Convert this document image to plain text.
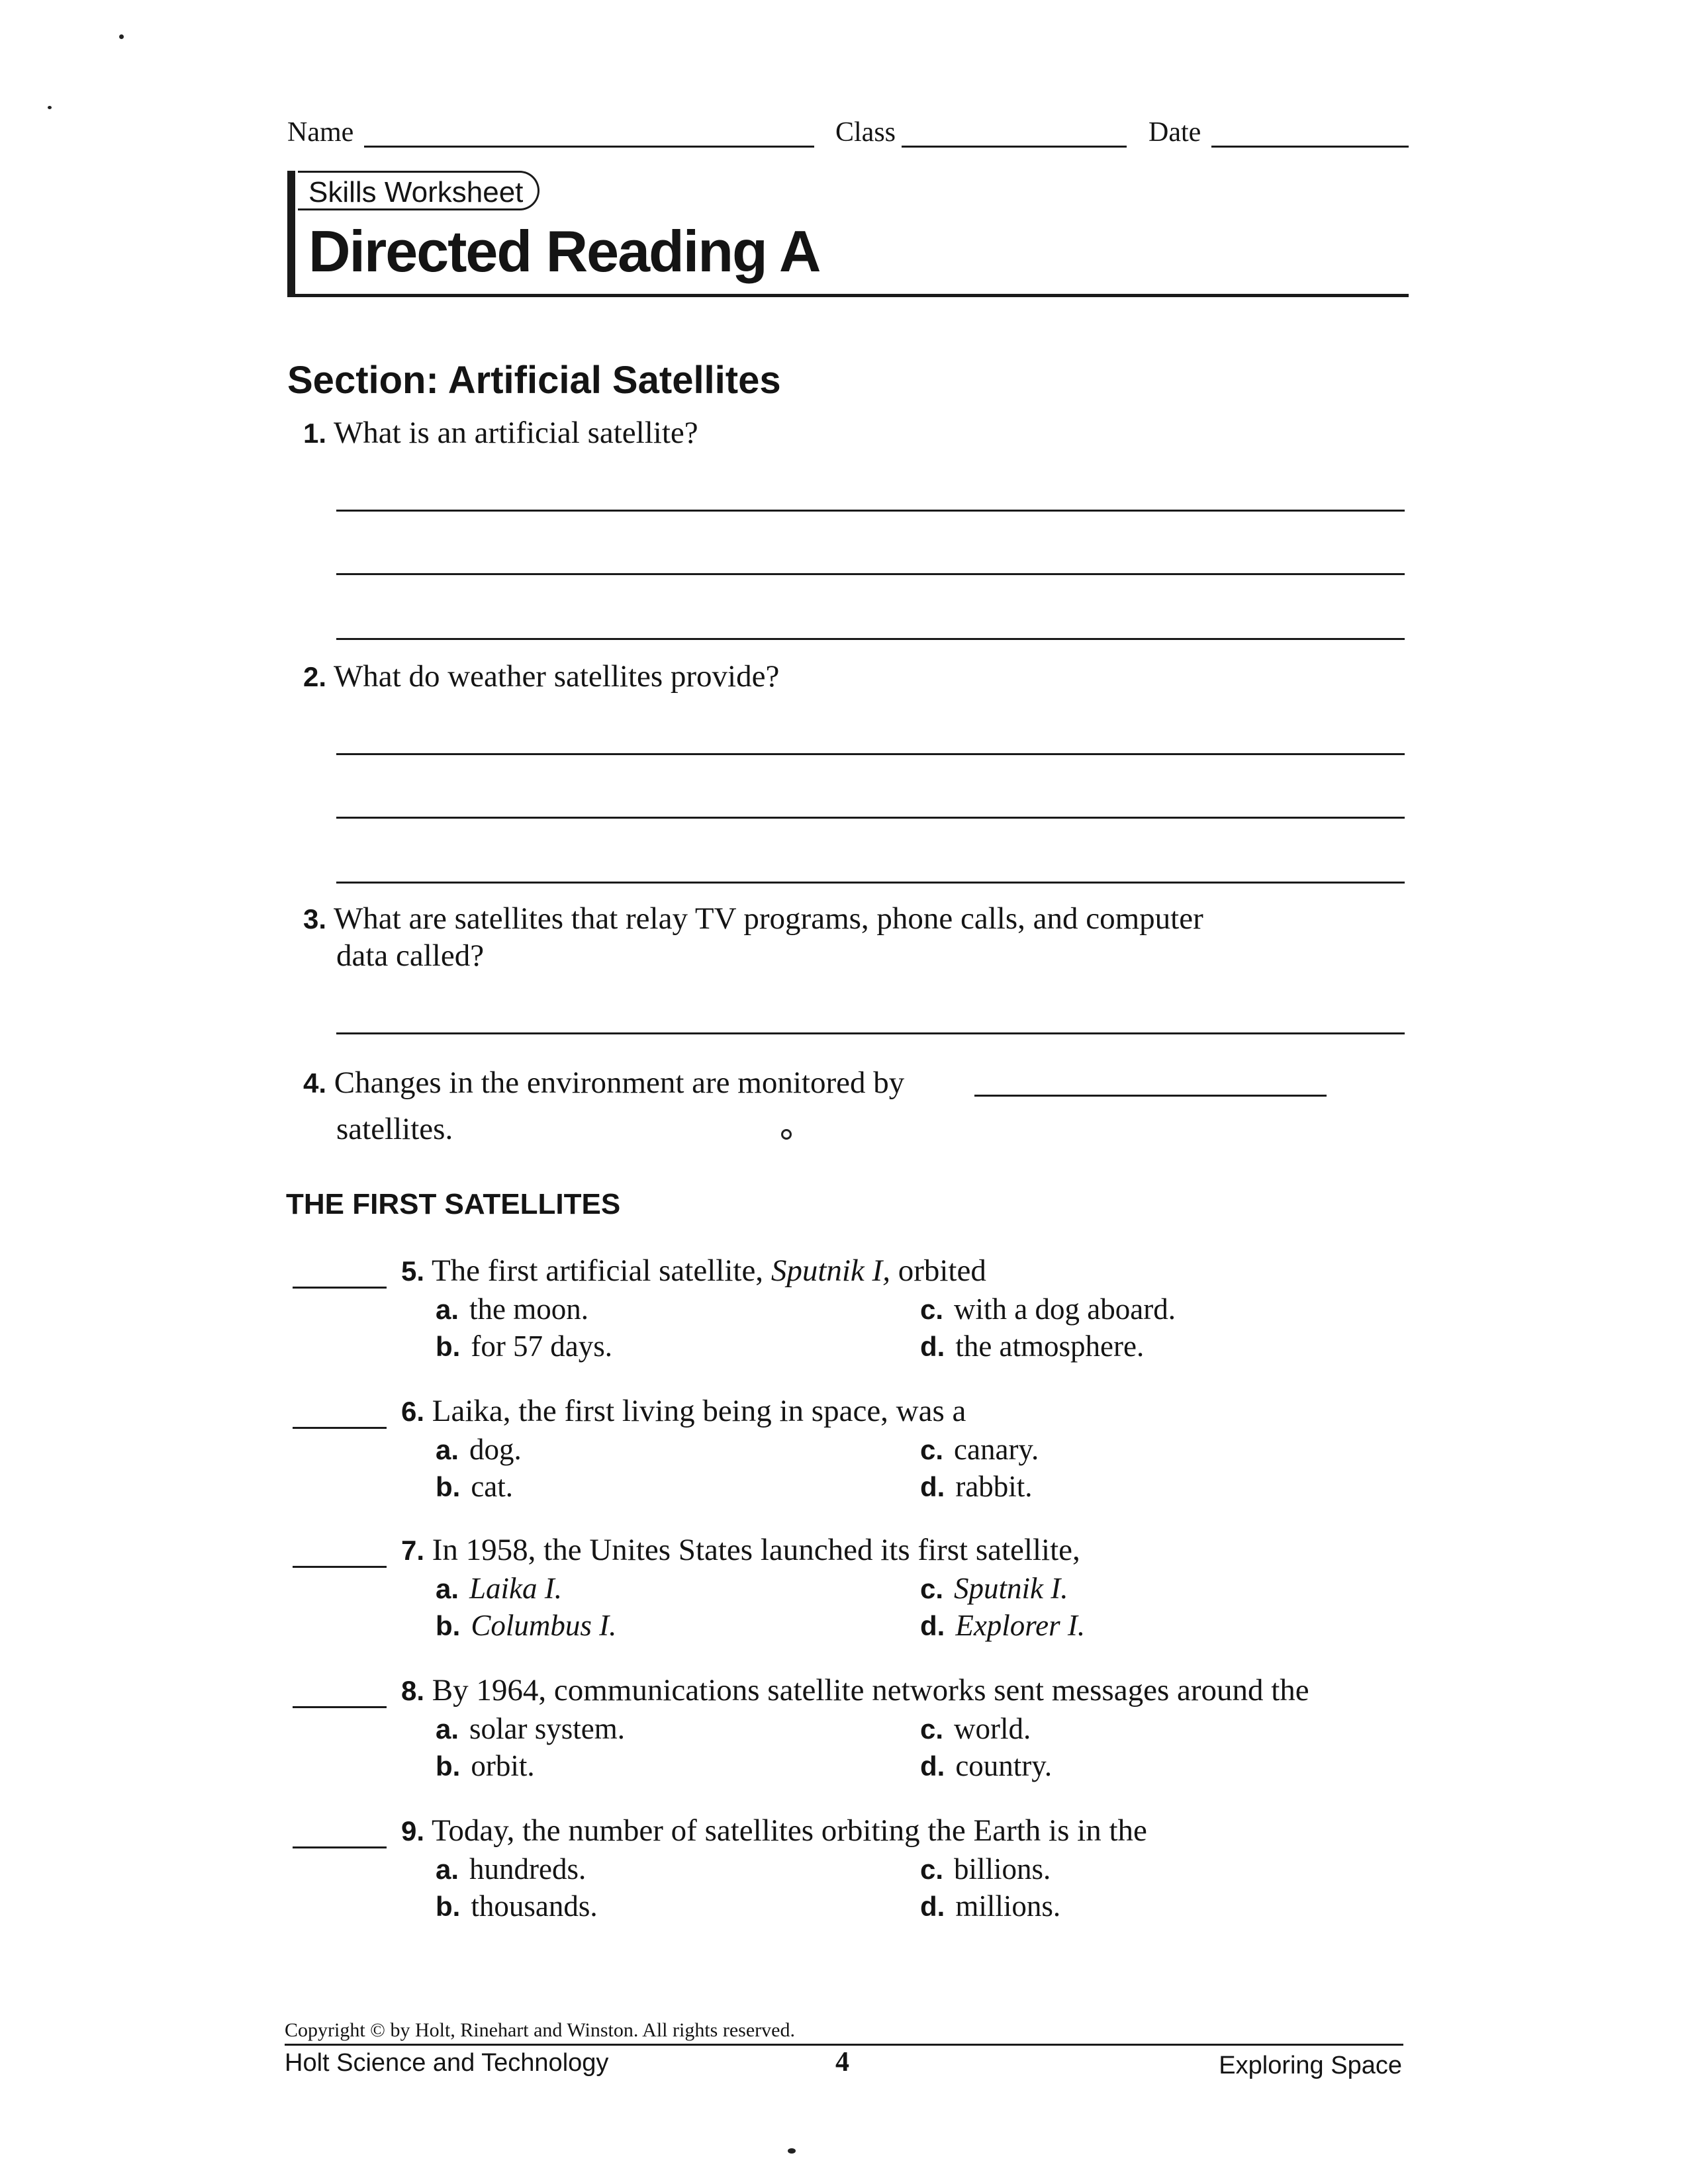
Name	Class	Date
Skills Worksheet
Directed Reading A
Section: Artificial Satellites
1. What is an artificial satellite?
2. What do weather satellites provide?
3. What are satellites that relay TV programs, phone calls, and computer
data called?
4. Changes in the environment are monitored by
satellites.
THE FIRST SATELLITES
5. The first artificial satellite, Sputnik I, orbited
a. the moon.
b. for 57 days.
c. with a dog aboard.
d. the atmosphere.
6. Laika, the first living being in space, was a
a. dog.
b. cat.
c. canary.
d. rabbit.
7. In 1958, the Unites States launched its first satellite,
a. Laika I.
b. Columbus I.
c. Sputnik I.
d. Explorer I.
8. By 1964, communications satellite networks sent messages around the
a. solar system.
b. orbit.
c. world.
d. country.
9. Today, the number of satellites orbiting the Earth is in the
a. hundreds.
b. thousands.
c. billions.
d. millions.
Copyright © by Holt, Rinehart and Winston. All rights reserved.
Holt Science and Technology	4	Exploring Space
